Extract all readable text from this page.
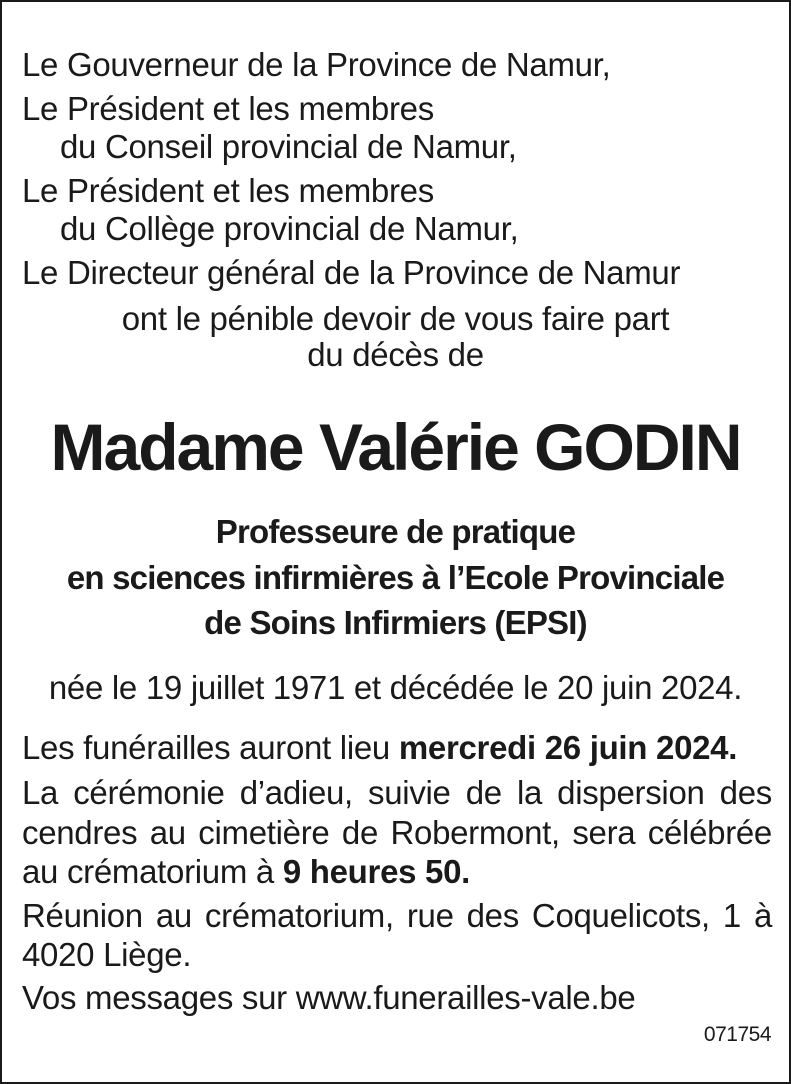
Le Gouverneur de la Province de Namur,
Le Président et les membres
du Conseil provincial de Namur,
Le Président et les membres
du Collège provincial de Namur,
Le Directeur général de la Province de Namur
ont le pénible devoir de vous faire part
du décès de
Madame Valérie GODIN
Professeure de pratique
en sciences infirmières à l’Ecole Provinciale
de Soins Infirmiers (EPSI)
née le 19 juillet 1971 et décédée le 20 juin 2024.
Les funérailles auront lieu mercredi 26 juin 2024.
La cérémonie d’adieu, suivie de la dispersion des
cendres au cimetière de Robermont, sera célébrée
au crématorium à 9 heures 50.
Réunion au crématorium, rue des Coquelicots, 1 à
4020 Liège.
Vos messages sur www.funerailles-vale.be
071754
